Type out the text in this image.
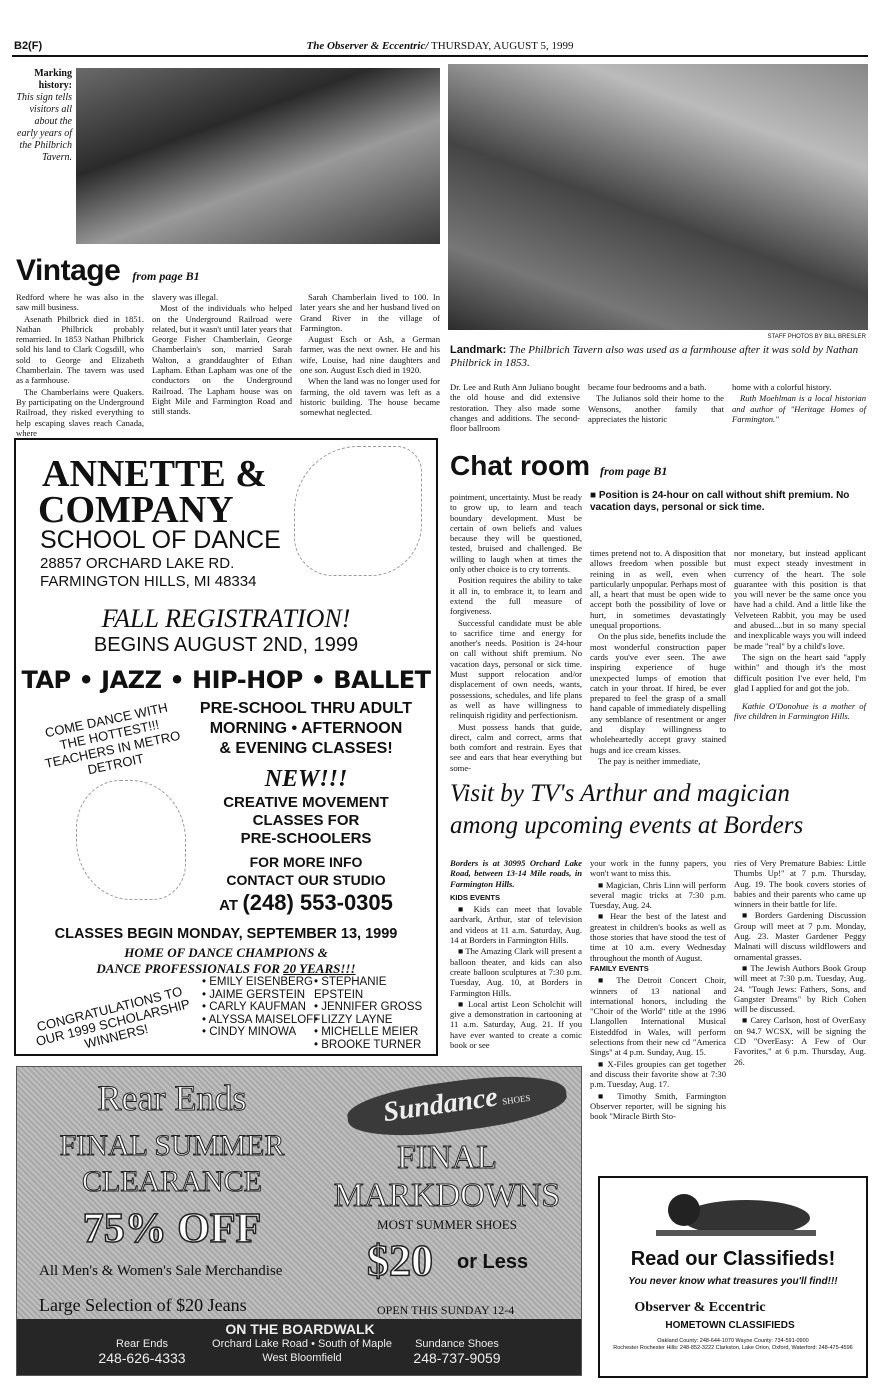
B2(F)	The Observer & Eccentric/ THURSDAY, AUGUST 5, 1999
Marking history:
This sign tells visitors all about the early years of the Philbrich Tavern.
Vintage from page B1

Redford where he was also in the saw mill business.

Asenath Philbrick died in 1851. Nathan Philbrick probably remarried. In 1853 Nathan Philbrick sold his land to Clark Cogsdill, who sold to George and Elizabeth Chamberlain. The tavern was used as a farmhouse.

The Chamberlains were Quakers. By participating on the Underground Railroad, they risked everything to help escaping slaves reach Canada, where

slavery was illegal.

Most of the individuals who helped on the Underground Railroad were related, but it wasn't until later years that George Fisher Chamberlain, George Chamberlain's son, married Sarah Walton, a granddaughter of Ethan Lapham. Ethan Lapham was one of the conductors on the Underground Railroad. The Lapham house was on Eight Mile and Farmington Road and still stands.

Sarah Chamberlain lived to 100. In later years she and her husband lived on Grand River in the village of Farmington.

August Esch or Ash, a German farmer, was the next owner. He and his wife, Louise, had nine daughters and one son. August Esch died in 1920.

When the land was no longer used for farming, the old tavern was left as a historic building. The house became somewhat neglected.

STAFF PHOTOS BY BILL BRESLER
Landmark: The Philbrich Tavern also was used as a farmhouse after it was sold by Nathan Philbrick in 1853.

Dr. Lee and Ruth Ann Juliano bought the old house and did extensive restoration. They also made some changes and additions. The second-floor ballroom

became four bedrooms and a bath.

The Julianos sold their home to the Wensons, another family that appreciates the historic

home with a colorful history.

Ruth Moehlman is a local historian and author of "Heritage Homes of Farmington."

ANNETTE &
COMPANY
SCHOOL OF DANCE
28857 ORCHARD LAKE RD.
FARMINGTON HILLS, MI 48334
FALL REGISTRATION!
BEGINS AUGUST 2ND, 1999
TAP • JAZZ • HIP-HOP • BALLET
COME DANCE WITH THE HOTTEST!!! TEACHERS IN METRO DETROIT
PRE-SCHOOL THRU ADULT
MORNING • AFTERNOON
& EVENING CLASSES!
NEW!!!
CREATIVE MOVEMENT
CLASSES FOR
PRE-SCHOOLERS
FOR MORE INFO
CONTACT OUR STUDIO
AT (248) 553-0305
CLASSES BEGIN MONDAY, SEPTEMBER 13, 1999
HOME OF DANCE CHAMPIONS &
DANCE PROFESSIONALS FOR 20 YEARS!!!
CONGRATULATIONS TO OUR 1999 SCHOLARSHIP WINNERS!
• EMILY EISENBERG
• JAIME GERSTEIN
• CARLY KAUFMAN
• ALYSSA MAISELOFF
• CINDY MINOWA
• STEPHANIE EPSTEIN
• JENNIFER GROSS
• LIZZY LAYNE
• MICHELLE MEIER
• BROOKE TURNER
Chat room from page B1

pointment, uncertainty. Must be ready to grow up, to learn and teach boundary development. Must be certain of own beliefs and values because they will be questioned, tested, bruised and challenged. Be willing to laugh when at times the only other choice is to cry torrents.

Position requires the ability to take it all in, to embrace it, to learn and extend the full measure of forgiveness.

Successful candidate must be able to sacrifice time and energy for another's needs. Position is 24-hour on call without shift premium. No vacation days, personal or sick time. Must support relocation and/or displacement of own needs, wants, possessions, schedules, and life plans as well as have willingness to relinquish rigidity and perfectionism.

Must possess hands that guide, direct, calm and correct, arms that both comfort and restrain. Eyes that see and ears that hear everything but some-

■ Position is 24-hour on call without shift premium. No vacation days, personal or sick time.

times pretend not to. A disposition that allows freedom when possible but reining in as well, even when particularly unpopular. Perhaps most of all, a heart that must be open wide to accept both the possibility of love or hurt, in sometimes devastatingly unequal proportions.

On the plus side, benefits include the most wonderful construction paper cards you've ever seen. The awe inspiring experience of huge unexpected lumps of emotion that catch in your throat. If hired, be ever prepared to feel the grasp of a small hand capable of immediately dispelling any semblance of resentment or anger and display willingness to wholeheartedly accept gravy stained hugs and ice cream kisses.

The pay is neither immediate,

nor monetary, but instead applicant must expect steady investment in currency of the heart. The sole guarantee with this position is that you will never be the same once you have had a child. And a little like the Velveteen Rabbit, you may be used and abused....but in so many special and inexplicable ways you will indeed be made "real" by a child's love.

The sign on the heart said "apply within" and though it's the most difficult position I've ever held, I'm glad I applied for and got the job.

Kathie O'Donohue is a mother of five children in Farmington Hills.

Visit by TV's Arthur and magician
among upcoming events at Borders

Borders is at 30995 Orchard Lake Road, between 13-14 Mile roads, in Farmington Hills.

KIDS EVENTS

■ Kids can meet that lovable aardvark, Arthur, star of television and videos at 11 a.m. Saturday, Aug. 14 at Borders in Farmington Hills.

■ The Amazing Clark will present a balloon theater, and kids can also create balloon sculptures at 7:30 p.m. Tuesday, Aug. 10, at Borders in Farmington Hills.

■ Local artist Leon Scholchit will give a demonstration in cartooning at 11 a.m. Saturday, Aug. 21. If you have ever wanted to create a comic book or see

your work in the funny papers, you won't want to miss this.

■ Magician, Chris Linn will perform several magic tricks at 7:30 p.m. Tuesday, Aug. 24.

■ Hear the best of the latest and greatest in children's books as well as those stories that have stood the test of time at 10 a.m. every Wednesday throughout the month of August.

FAMILY EVENTS

■ The Detroit Concert Choir, winners of 13 national and international honors, including the "Choir of the World" title at the 1996 Llangollen International Musical Eisteddfod in Wales, will perform selections from their new cd "America Sings" at 4 p.m. Sunday, Aug. 15.

■ X-Files groupies can get together and discuss their favorite show at 7:30 p.m. Tuesday, Aug. 17.

■ Timothy Smith, Farmington Observer reporter, will be signing his book "Miracle Birth Sto-

ries of Very Premature Babies: Little Thumbs Up!" at 7 p.m. Thursday, Aug. 19. The book covers stories of babies and their parents who came up winners in their battle for life.

■ Borders Gardening Discussion Group will meet at 7 p.m. Monday, Aug. 23. Master Gardener Peggy Malnati will discuss wildflowers and ornamental grasses.

■ The Jewish Authors Book Group will meet at 7:30 p.m. Tuesday, Aug. 24. "Tough Jews: Fathers, Sons, and Gangster Dreams" by Rich Cohen will be discussed.

■ Carey Carlson, host of OverEasy on 94.7 WCSX, will be signing the CD "OverEasy: A Few of Our Favorites," at 6 p.m. Thursday, Aug. 26.

Rear Ends
FINAL SUMMER
CLEARANCE
75% OFF
All Men's & Women's Sale Merchandise
Large Selection of $20 Jeans
Sundance SHOES
FINAL
MARKDOWNS
MOST SUMMER SHOES
$20 or Less
OPEN THIS SUNDAY 12-4
ON THE BOARDWALK
Rear Ends
248-626-4333
Orchard Lake Road • South of Maple
West Bloomfield
Sundance Shoes
248-737-9059
Read our Classifieds!
You never know what treasures you'll find!!!
Observer & Eccentric
HOMETOWN CLASSIFIEDS
Oakland County: 248-644-1070 Wayne County: 734-591-0900
Rochester Rochester Hills: 248-852-3222 Clarkston, Lake Orion, Oxford, Waterford: 248-475-4596
